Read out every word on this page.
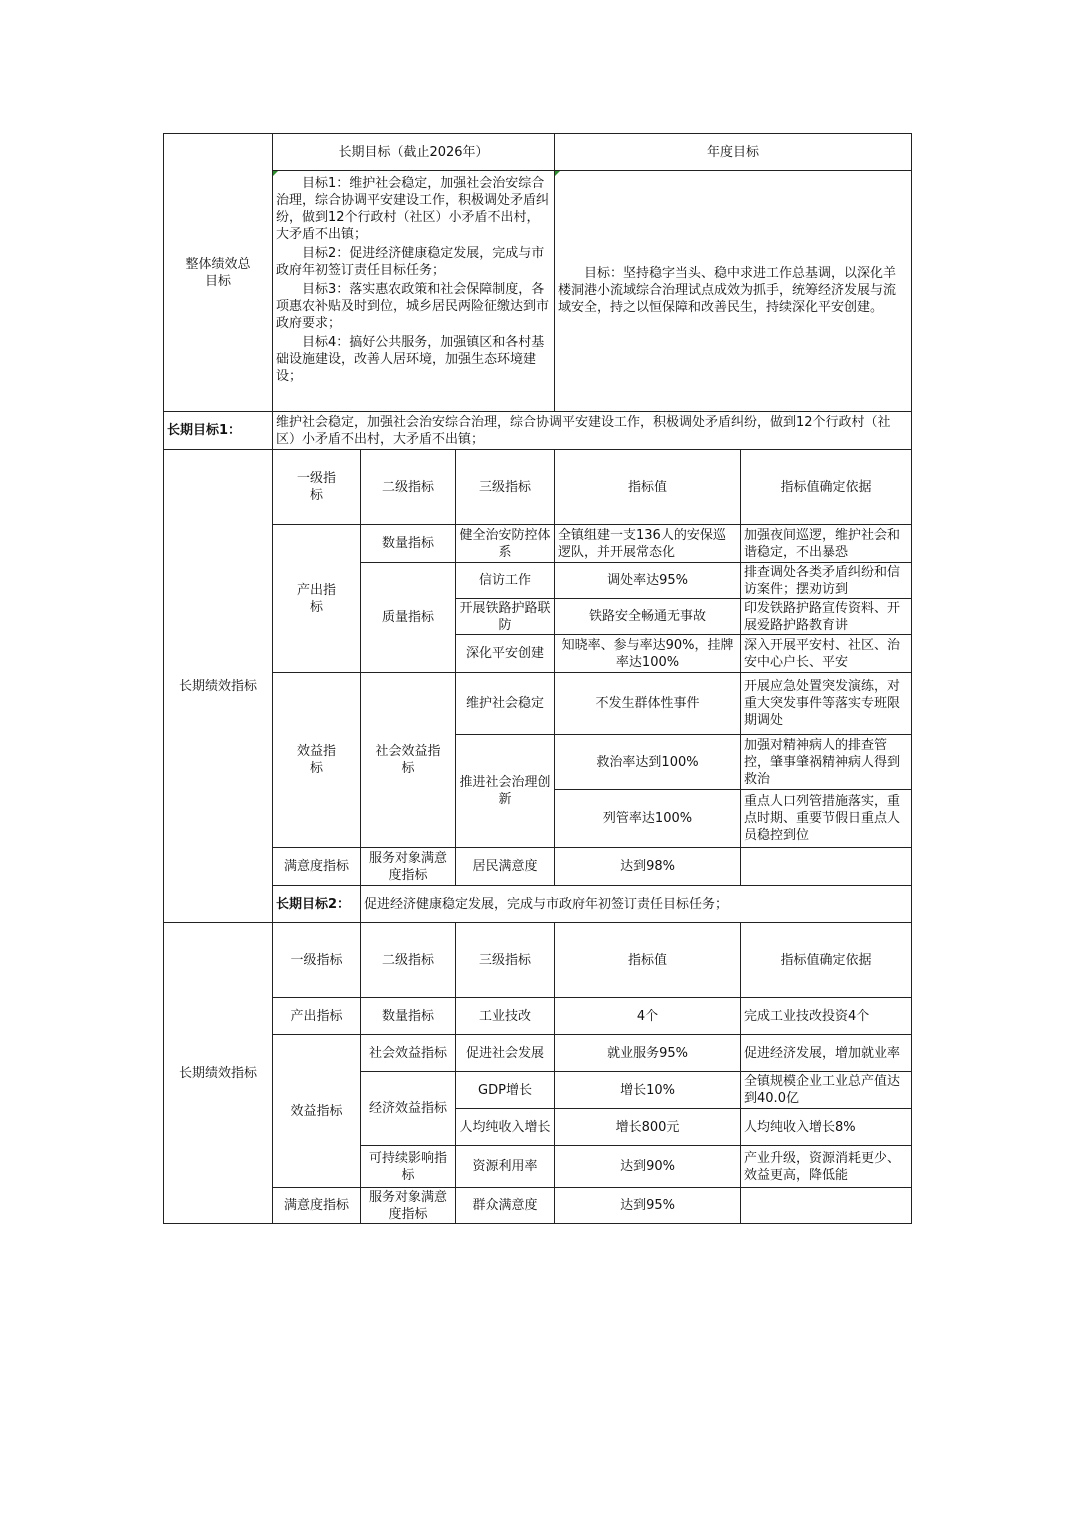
整体绩效总目标	长期目标（截止2026年）			年度目标	

	目标1：维护社会稳定，加强社会治安综合治理，综合协调平安建设工作，积极调处矛盾纠纷，做到12个行政村（社区）小矛盾不出村，大矛盾不出镇；
目标2：促进经济健康稳定发展，完成与市政府年初签订责任目标任务；
目标3：落实惠农政策和社会保障制度，各项惠农补贴及时到位，城乡居民两险征缴达到市政府要求；
目标4：搞好公共服务，加强镇区和各村基础设施建设，改善人居环境，加强生态环境建设；			目标：坚持稳字当头、稳中求进工作总基调，以深化羊楼洞港小流域综合治理试点成效为抓手，统筹经济发展与流域安全，持之以恒保障和改善民生，持续深化平安创建。	

长期目标1：	维护社会稳定，加强社会治安综合治理，综合协调平安建设工作，积极调处矛盾纠纷，做到12个行政村（社区）小矛盾不出村，大矛盾不出镇；				
长期绩效指标	一级指标	二级指标	三级指标	指标值	指标值确定依据
	产出指标	数量指标	健全治安防控体系	全镇组建一支136人的安保巡逻队，并开展常态化	加强夜间巡逻，维护社会和谐稳定，不出暴恐

		质量指标	信访工作	调处率达95%	排查调处各类矛盾纠纷和信访案件；摆劝访到

			开展铁路护路联防	铁路安全畅通无事故	印发铁路护路宣传资料、开展爱路护路教育讲

			深化平安创建	知晓率、参与率达90%，挂牌率达100%	深入开展平安村、社区、治安中心户长、平安

	效益指标	社会效益指标	维护社会稳定	不发生群体性事件	开展应急处置突发演练，对重大突发事件等落实专班限期调处

			推进社会治理创新	救治率达到100%	加强对精神病人的排查管控，肇事肇祸精神病人得到救治

				列管率达100%	重点人口列管措施落实，重点时期、重要节假日重点人员稳控到位

	满意度指标	服务对象满意度指标	居民满意度	达到98%	
	长期目标2：	促进经济健康稳定发展，完成与市政府年初签订责任目标任务；			
长期绩效指标	一级指标	二级指标	三级指标	指标值	指标值确定依据
	产出指标	数量指标	工业技改	4个	完成工业技改投资4个
	效益指标	社会效益指标	促进社会发展	就业服务95%	促进经济发展，增加就业率

		经济效益指标	GDP增长	增长10%	全镇规模企业工业总产值达到40.0亿

			人均纯收入增长	增长800元	人均纯收入增长8%
		可持续影响指标	资源利用率	达到90%	产业升级，资源消耗更少、效益更高，降低能

	满意度指标	服务对象满意度指标	群众满意度	达到95%	
